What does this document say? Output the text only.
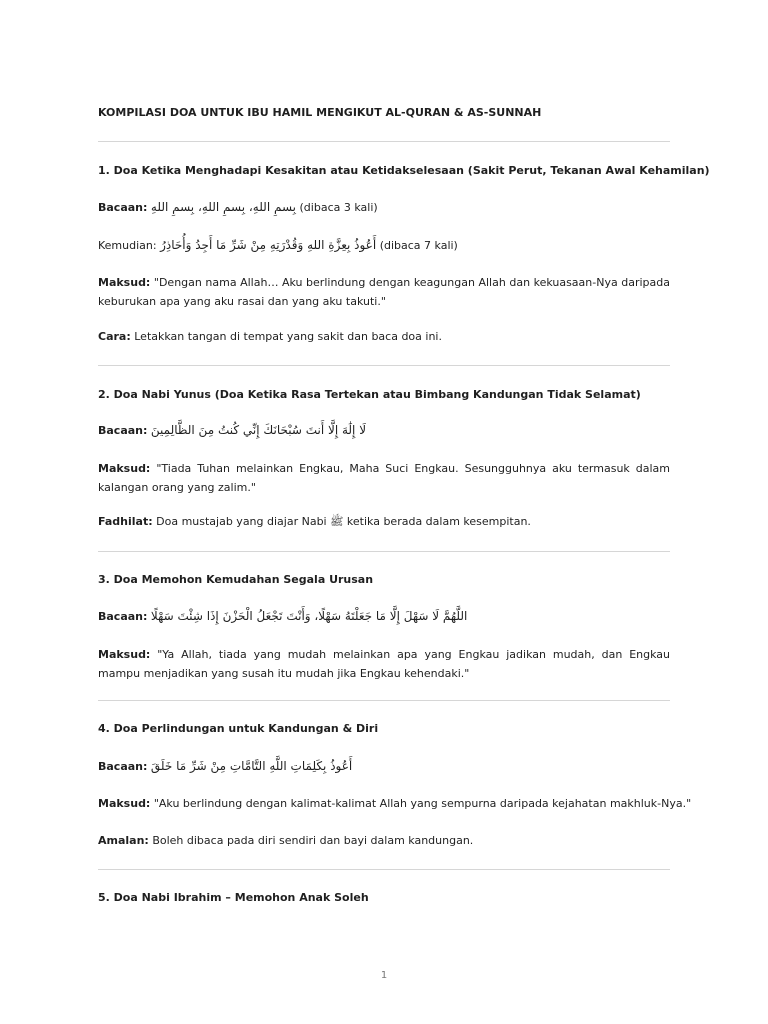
KOMPILASI DOA UNTUK IBU HAMIL MENGIKUT AL-QURAN & AS-SUNNAH
1. Doa Ketika Menghadapi Kesakitan atau Ketidakselesaan (Sakit Perut, Tekanan Awal Kehamilan)
Bacaan: بِسمِ اللهِ، بِسمِ اللهِ، بِسمِ اللهِ (dibaca 3 kali)
Kemudian: أَعُوذُ بِعِزَّةِ اللهِ وَقُدْرَتِهِ مِنْ شَرِّ مَا أَجِدُ وَأُحَاذِرُ (dibaca 7 kali)
Maksud: "Dengan nama Allah… Aku berlindung dengan keagungan Allah dan kekuasaan-Nya daripada keburukan apa yang aku rasai dan yang aku takuti."
Cara: Letakkan tangan di tempat yang sakit dan baca doa ini.
2. Doa Nabi Yunus (Doa Ketika Rasa Tertekan atau Bimbang Kandungan Tidak Selamat)
Bacaan: لَا إِلَٰهَ إِلَّا أَنتَ سُبْحَانَكَ إِنِّي كُنتُ مِنَ الظَّالِمِينَ
Maksud: "Tiada Tuhan melainkan Engkau, Maha Suci Engkau. Sesungguhnya aku termasuk dalam kalangan orang yang zalim."
Fadhilat: Doa mustajab yang diajar Nabi ﷺ ketika berada dalam kesempitan.
3. Doa Memohon Kemudahan Segala Urusan
Bacaan: اللَّهُمَّ لَا سَهْلَ إِلَّا مَا جَعَلْتَهُ سَهْلًا، وَأَنْتَ تَجْعَلُ الْحَزْنَ إِذَا شِئْتَ سَهْلًا
Maksud: "Ya Allah, tiada yang mudah melainkan apa yang Engkau jadikan mudah, dan Engkau mampu menjadikan yang susah itu mudah jika Engkau kehendaki."
4. Doa Perlindungan untuk Kandungan & Diri
Bacaan: أَعُوذُ بِكَلِمَاتِ اللَّهِ التَّامَّاتِ مِنْ شَرِّ مَا خَلَقَ
Maksud: "Aku berlindung dengan kalimat-kalimat Allah yang sempurna daripada kejahatan makhluk-Nya."
Amalan: Boleh dibaca pada diri sendiri dan bayi dalam kandungan.
5. Doa Nabi Ibrahim – Memohon Anak Soleh
1
